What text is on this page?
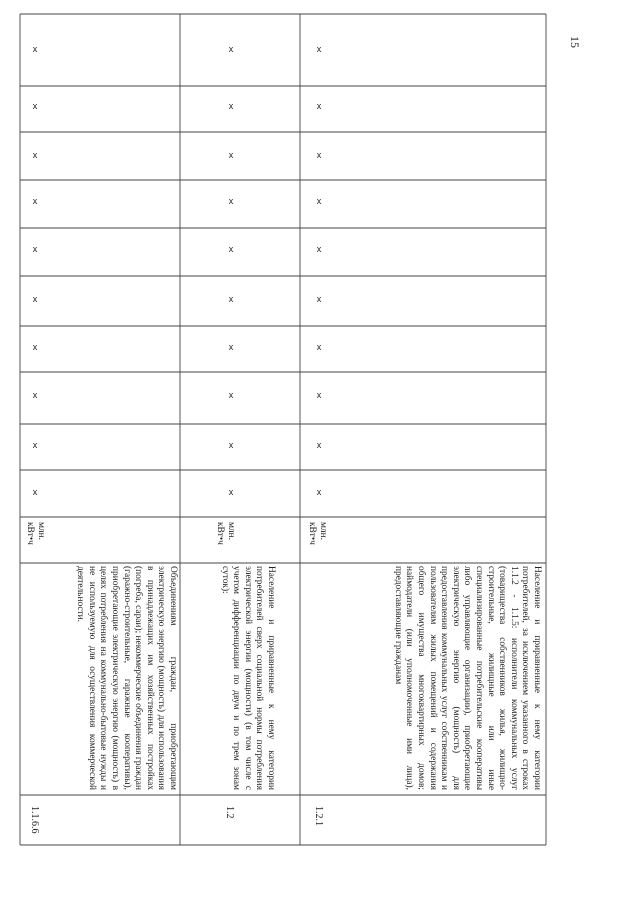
15
1.1.6.6
Объединениям граждан, приобретающим электрическую энергию (мощность) для использования в принадлежащих им хозяйственных постройках (погреба, сараи); некоммерческие объединения граждан (гаражно-строительные, гаражные кооперативы), приобретающие электрическую энергию (мощность) в целях потребления на коммунально-бытовые нужды и не используемую для осуществления коммерческой деятельности.
млн. кВт•ч
1.2
Население и приравненные к нему категории потребителей сверх социальной нормы потребления электрической энергии (мощности) (в том числе с учетом дифференциации по двум и по трем зонам суток):
млн. кВт•ч
1.2.1
Население и приравненные к нему категории потребителей, за исключением указанного в строках 1.1.2 - 1.1.5: исполнители коммунальных услуг (товарищества собственников жилья, жилищно-строительные, жилищные или иные специализированные потребительские кооперативы либо управляющие организации), приобретающие электрическую энергию (мощность) для предоставления коммунальных услуг собственникам и пользователям жилых помещений и содержания общего имущества многоквартирных домов; наймодатели (или уполномоченные ими лица), предоставляющие гражданам
млн. кВт•ч
х
х
х
х
х
х
х
х
х
х
х
х
х
х
х
х
х
х
х
х
х
х
х
х
х
х
х
х
х
х
